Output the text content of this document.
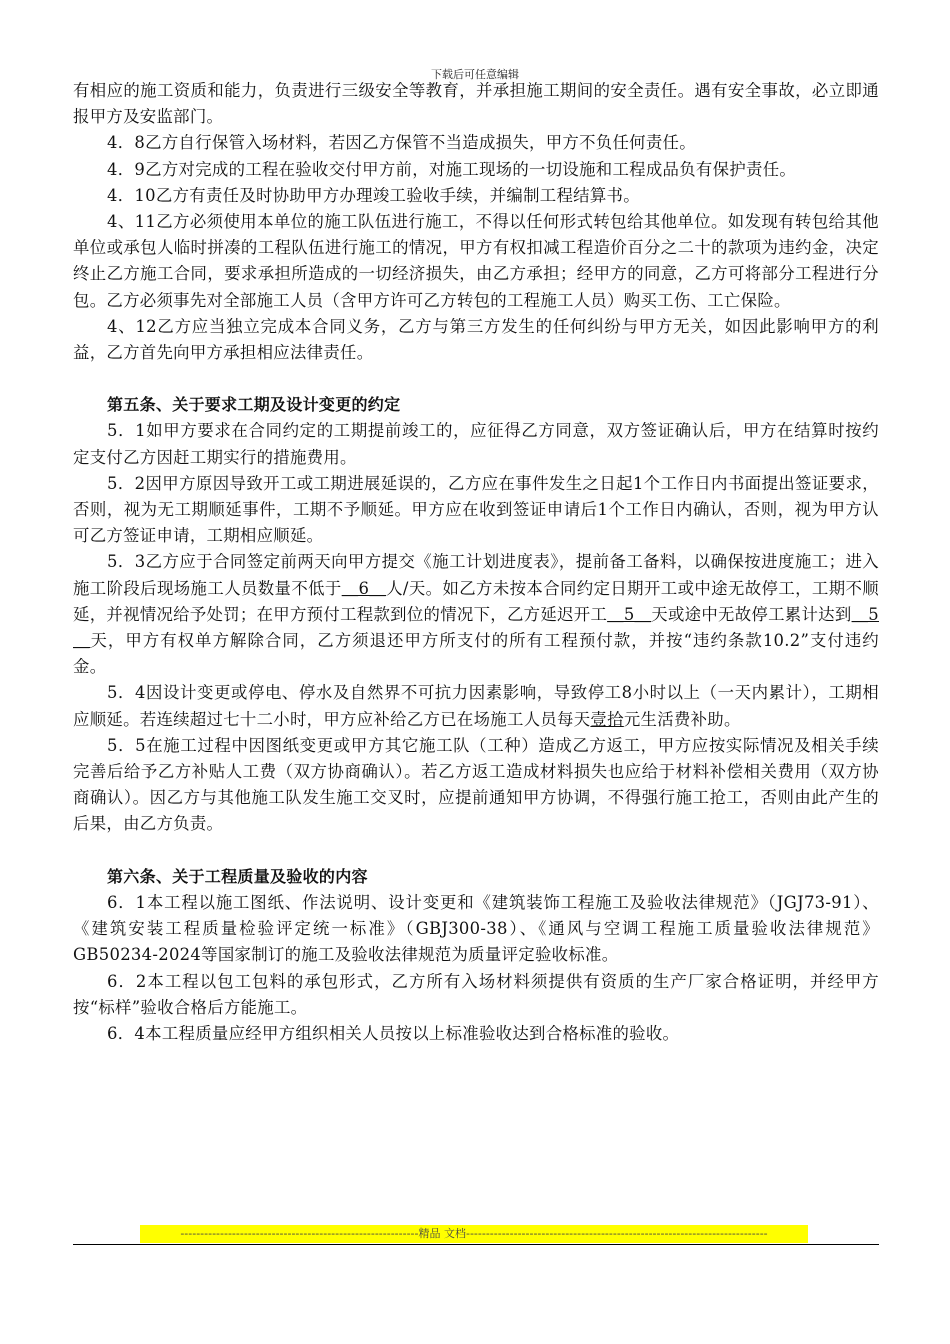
下载后可任意编辑

有相应的施工资质和能力，负责进行三级安全等教育，并承担施工期间的安全责任。遇有安全事故，必立即通报甲方及安监部门。

4．8乙方自行保管入场材料，若因乙方保管不当造成损失，甲方不负任何责任。

4．9乙方对完成的工程在验收交付甲方前，对施工现场的一切设施和工程成品负有保护责任。

4．10乙方有责任及时协助甲方办理竣工验收手续，并编制工程结算书。

4、11乙方必须使用本单位的施工队伍进行施工，不得以任何形式转包给其他单位。如发现有转包给其他单位或承包人临时拼凑的工程队伍进行施工的情况，甲方有权扣减工程造价百分之二十的款项为违约金，决定终止乙方施工合同，要求承担所造成的一切经济损失，由乙方承担；经甲方的同意，乙方可将部分工程进行分包。乙方必须事先对全部施工人员（含甲方许可乙方转包的工程施工人员）购买工伤、工亡保险。

4、12乙方应当独立完成本合同义务，乙方与第三方发生的任何纠纷与甲方无关，如因此影响甲方的利益，乙方首先向甲方承担相应法律责任。

第五条、关于要求工期及设计变更的约定

5．1如甲方要求在合同约定的工期提前竣工的，应征得乙方同意，双方签证确认后，甲方在结算时按约定支付乙方因赶工期实行的措施费用。

5．2因甲方原因导致开工或工期进展延误的，乙方应在事件发生之日起1个工作日内书面提出签证要求，否则，视为无工期顺延事件，工期不予顺延。甲方应在收到签证申请后1个工作日内确认，否则，视为甲方认可乙方签证申请，工期相应顺延。

5．3乙方应于合同签定前两天向甲方提交《施工计划进度表》，提前备工备料，以确保按进度施工；进入施工阶段后现场施工人员数量不低于＿6＿人/天。如乙方未按本合同约定日期开工或中途无故停工，工期不顺延，并视情况给予处罚；在甲方预付工程款到位的情况下，乙方延迟开工＿5＿天或途中无故停工累计达到＿5＿天，甲方有权单方解除合同，乙方须退还甲方所支付的所有工程预付款，并按“违约条款10.2”支付违约金。

5．4因设计变更或停电、停水及自然界不可抗力因素影响，导致停工8小时以上（一天内累计），工期相应顺延。若连续超过七十二小时，甲方应补给乙方已在场施工人员每天壹拾元生活费补助。

5．5在施工过程中因图纸变更或甲方其它施工队（工种）造成乙方返工，甲方应按实际情况及相关手续完善后给予乙方补贴人工费（双方协商确认）。若乙方返工造成材料损失也应给于材料补偿相关费用（双方协商确认）。因乙方与其他施工队发生施工交叉时，应提前通知甲方协调，不得强行施工抢工，否则由此产生的后果，由乙方负责。

第六条、关于工程质量及验收的内容

6．1本工程以施工图纸、作法说明、设计变更和《建筑装饰工程施工及验收法律规范》（JGJ73-91）、《建筑安装工程质量检验评定统一标准》（GBJ300-38）、《通风与空调工程施工质量验收法律规范》GB50234-2024等国家制订的施工及验收法律规范为质量评定验收标准。

6．2本工程以包工包料的承包形式，乙方所有入场材料须提供有资质的生产厂家合格证明，并经甲方按“标样”验收合格后方能施工。

6．4本工程质量应经甲方组织相关人员按以上标准验收达到合格标准的验收。

------------------------------------------------------------精品 文档----------------------------------------------------------------------------
